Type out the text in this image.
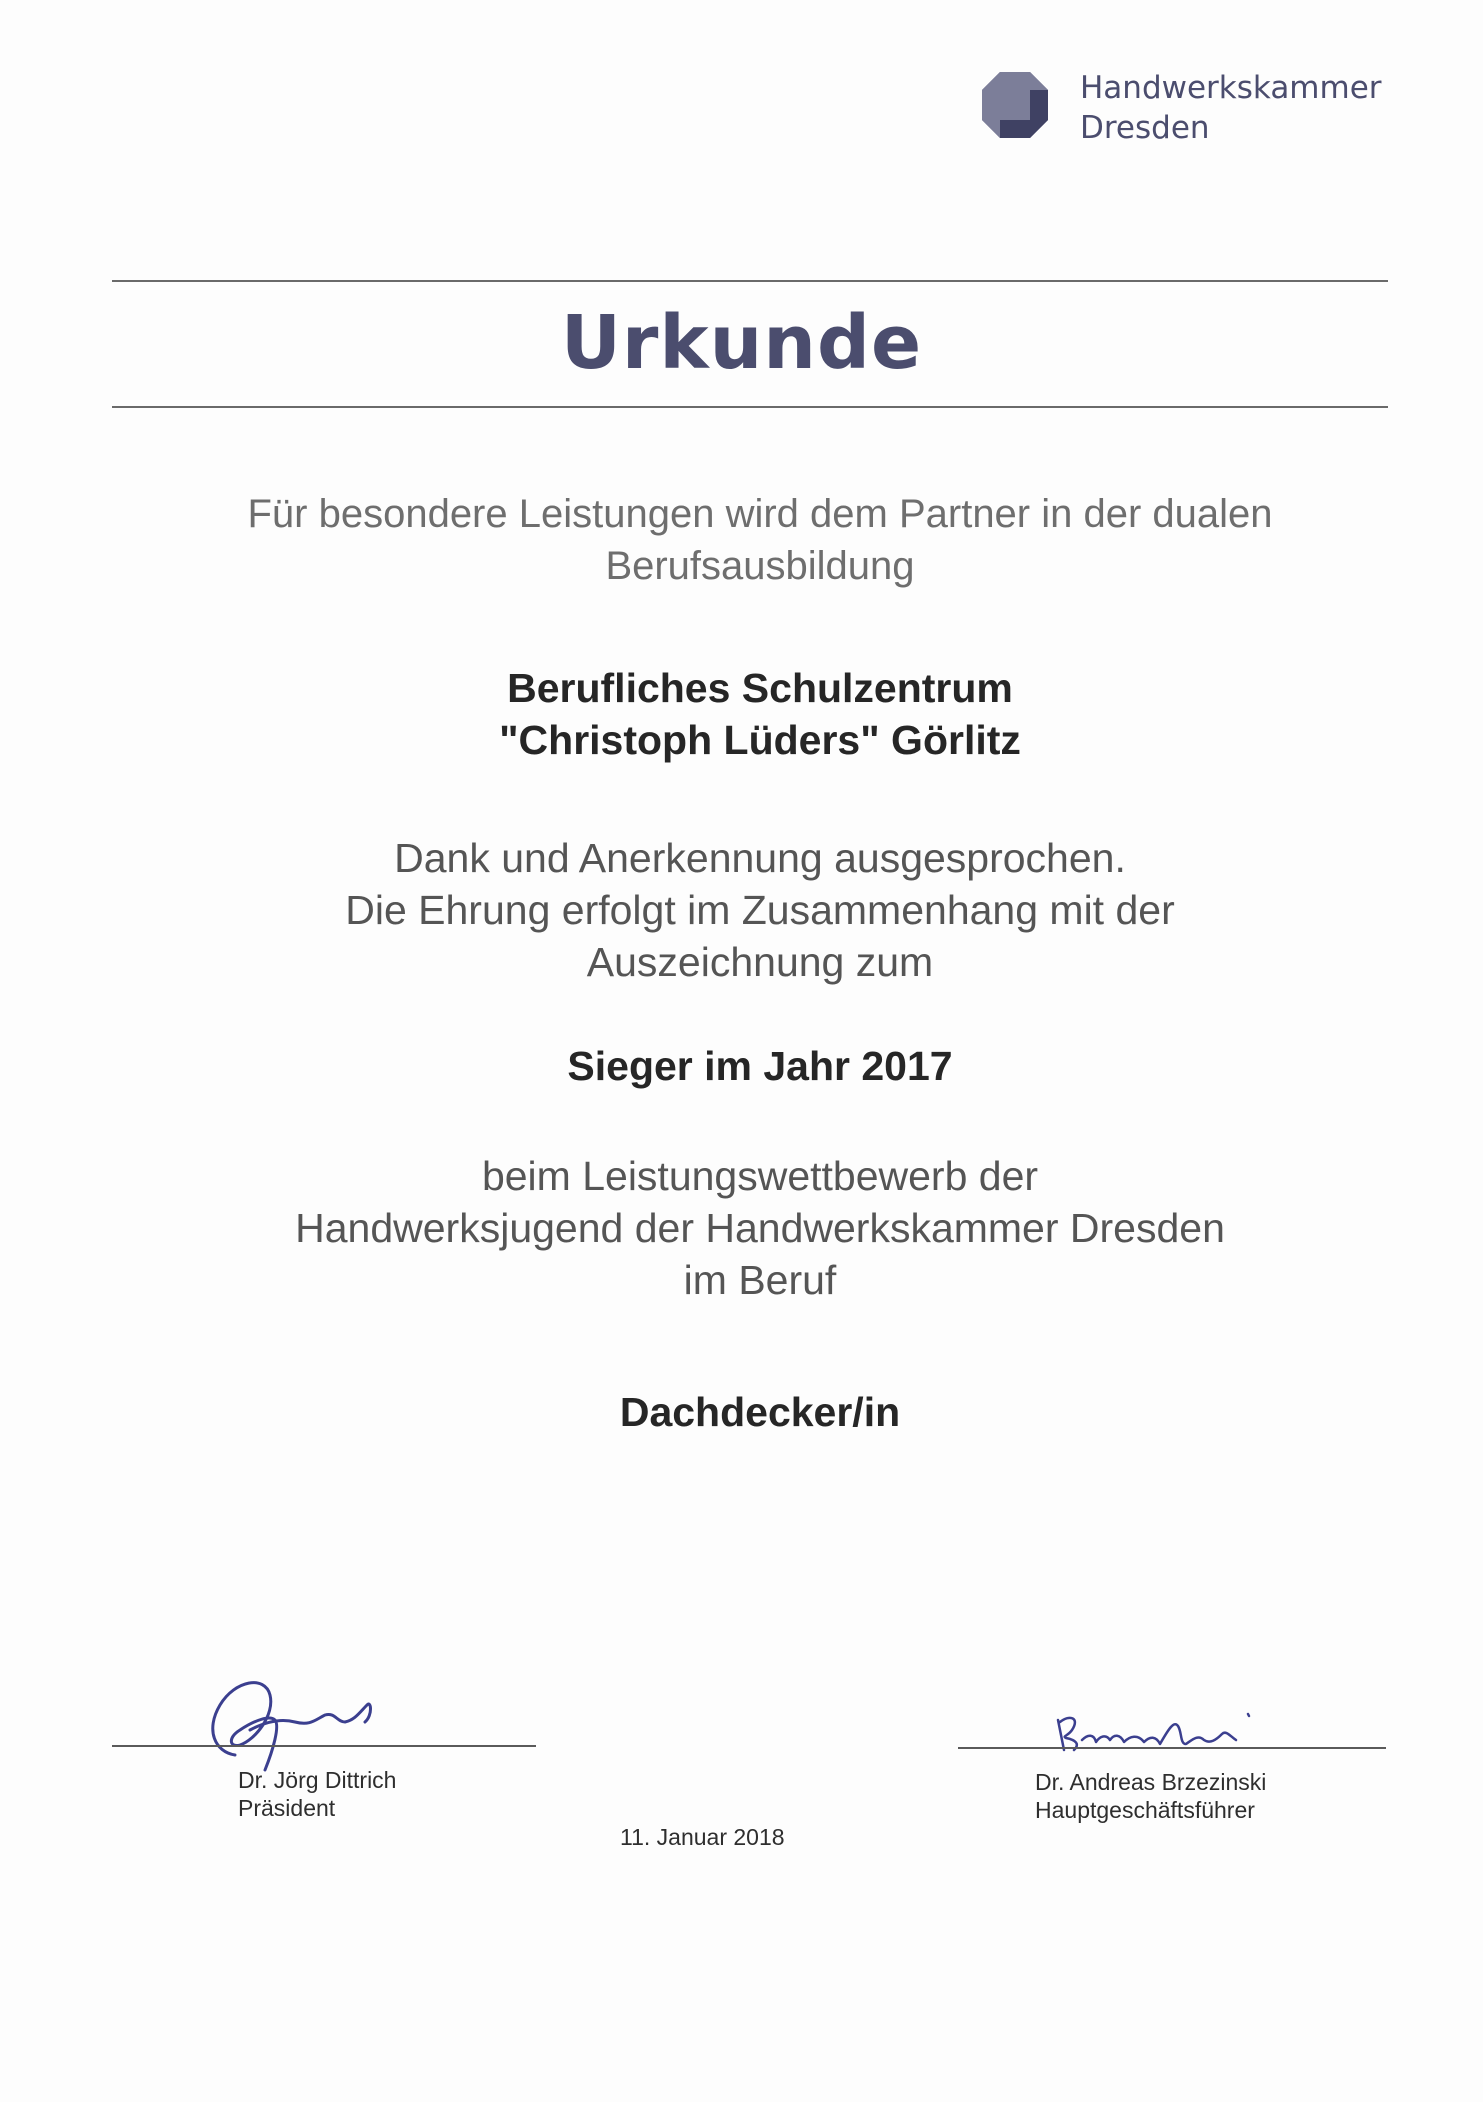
Handwerkskammer
Dresden
Urkunde
Für besondere Leistungen wird dem Partner in der dualen
Berufsausbildung
Berufliches Schulzentrum
"Christoph Lüders" Görlitz
Dank und Anerkennung ausgesprochen.
Die Ehrung erfolgt im Zusammenhang mit der
Auszeichnung zum
Sieger im Jahr 2017
beim Leistungswettbewerb der
Handwerksjugend der Handwerkskammer Dresden
im Beruf
Dachdecker/in
Dr. Jörg Dittrich
Präsident
Dr. Andreas Brzezinski
Hauptgeschäftsführer
11. Januar 2018
